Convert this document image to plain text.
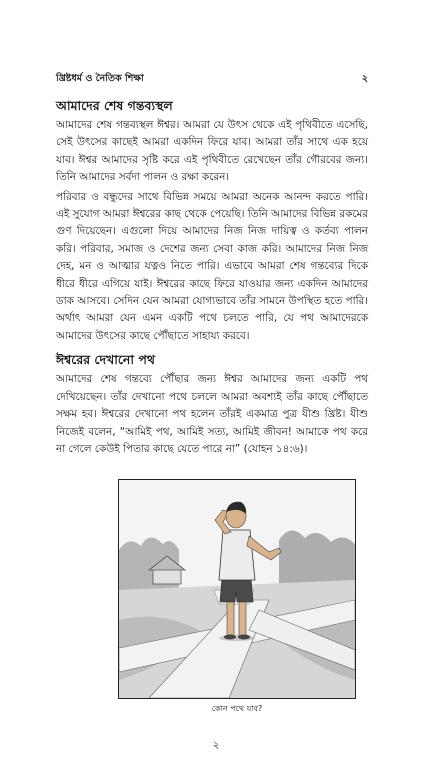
খ্রিষ্টধর্ম ও নৈতিক শিক্ষা	২
আমাদের শেষ গন্তব্যস্থল

আমাদের শেষ গন্তব্যস্থল ঈশ্বর। আমরা যে উৎস থেকে এই পৃথিবীতে এসেছি, সেই উৎসের কাছেই আমরা একদিন ফিরে যাব। আমরা তাঁর সাথে এক হয়ে যাব। ঈশ্বর আমাদের সৃষ্টি করে এই পৃথিবীতে রেখেছেন তাঁর গৌরবের জন্য। তিনি আমাদের সর্বদা পালন ও রক্ষা করেন।

পরিবার ও বন্ধুদের সাথে বিভিন্ন সময়ে আমরা অনেক আনন্দ করতে পারি। এই সুযোগ আমরা ঈশ্বরের কাছ থেকে পেয়েছি। তিনি আমাদের বিভিন্ন রকমের গুণ দিয়েছেন। এগুলো দিয়ে আমাদের নিজ নিজ দায়িত্ব ও কর্তব্য পালন করি। পরিবার, সমাজ ও দেশের জন্য সেবা কাজ করি। আমাদের নিজ নিজ দেহ, মন ও আত্মার যত্নও নিতে পারি। এভাবে আমরা শেষ গন্তব্যের দিকে ধীরে ধীরে এগিয়ে যাই। ঈশ্বরের কাছে ফিরে যাওয়ার জন্য একদিন আমাদের ডাক আসবে। সেদিন যেন আমরা যোগ্যভাবে তাঁর সামনে উপস্থিত হতে পারি। অর্থাৎ আমরা যেন এমন একটি পথে চলতে পারি, যে পথ আমাদেরকে আমাদের উৎসের কাছে পৌঁছাতে সাহায্য করবে।

ঈশ্বরের দেখানো পথ

আমাদের শেষ গন্তব্যে পৌঁছার জন্য ঈশ্বর আমাদের জন্য একটি পথ দেখিয়েছেন। তাঁর দেখানো পথে চললে আমরা অবশ্যই তাঁর কাছে পৌঁছাতে সক্ষম হব। ঈশ্বরের দেখানো পথ হলেন তাঁরই একমাত্র পুত্র যীশু খ্রিষ্ট। যীশু নিজেই বলেন, “আমিই পথ, আমিই সত্য, আমিই জীবন! আমাকে পথ করে না গেলে কেউই পিতার কাছে যেতে পারে না” (যোহন ১৪:৬)।

কোন পথে যাব?
২
